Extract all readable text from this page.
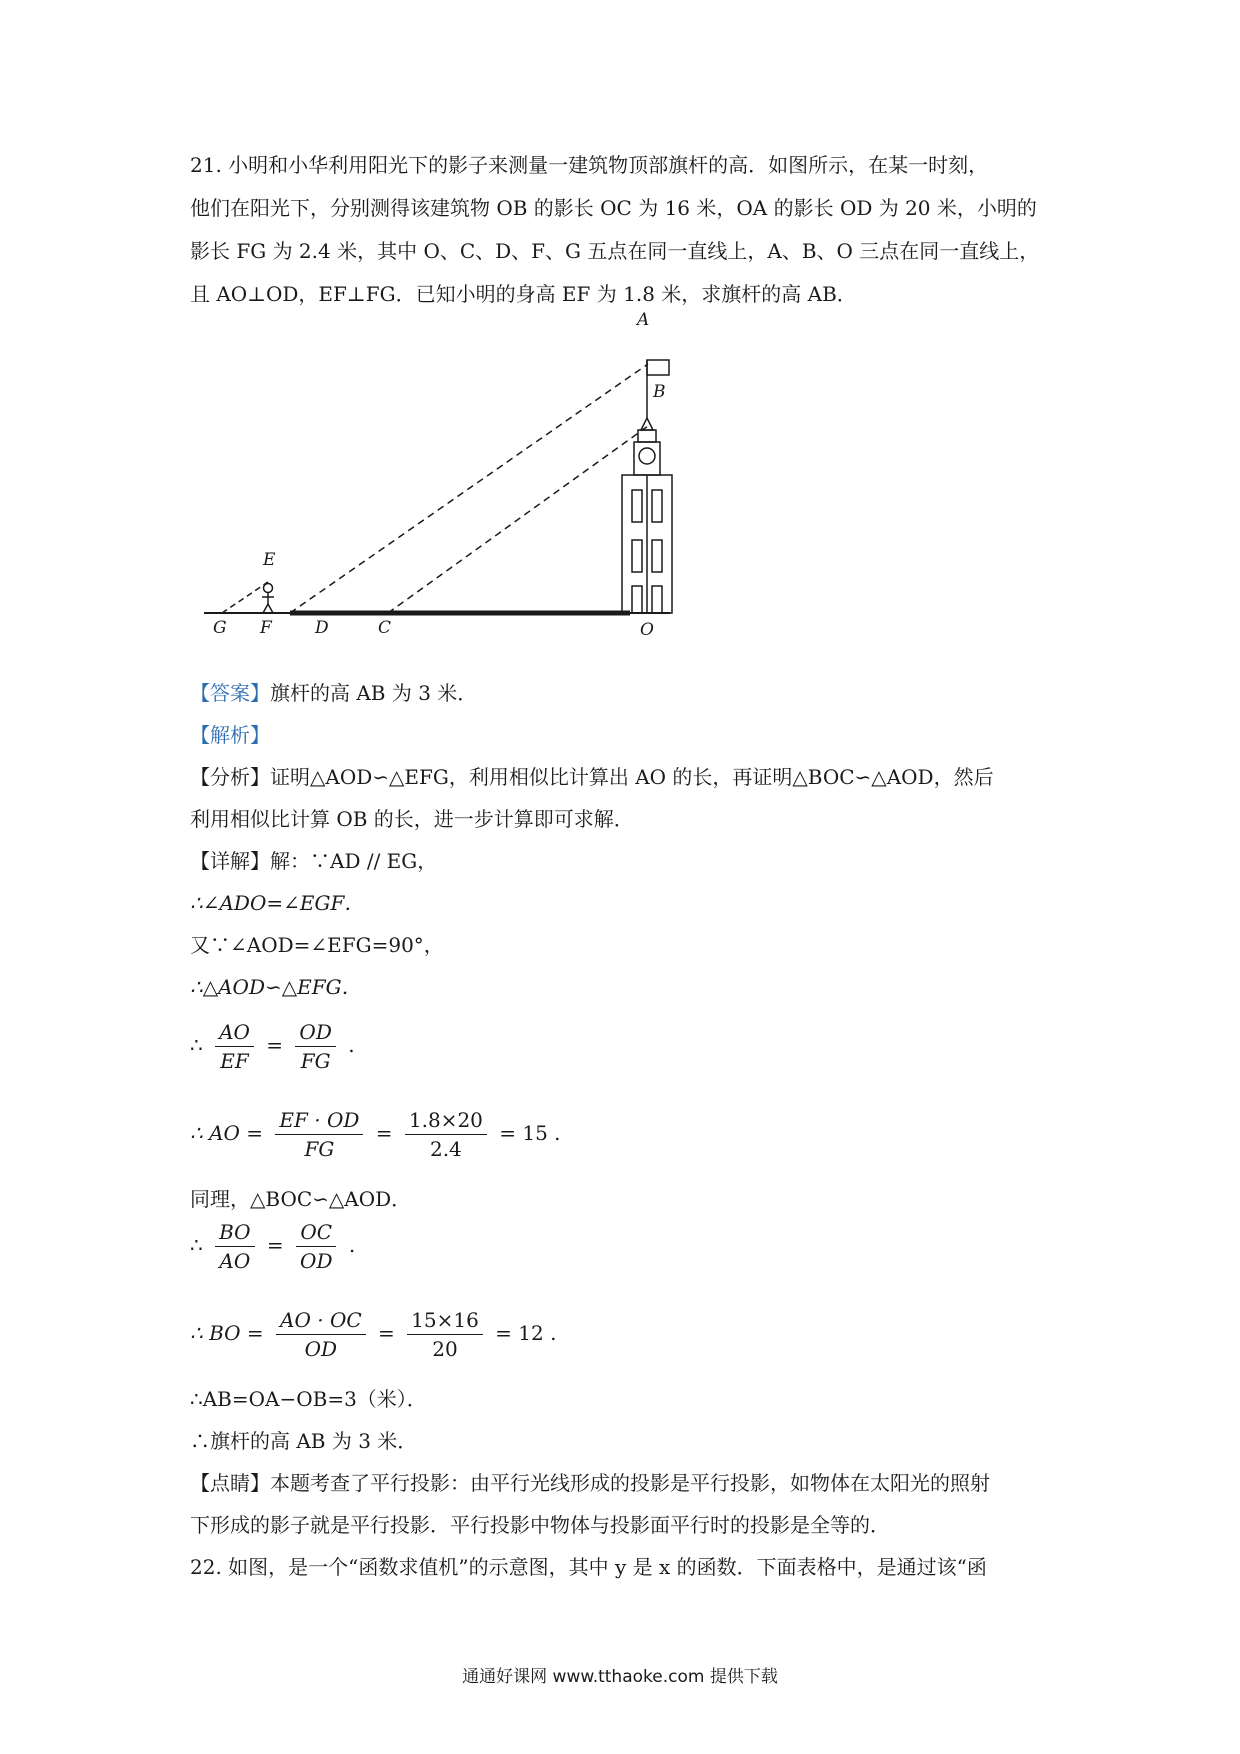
21. 小明和小华利用阳光下的影子来测量一建筑物顶部旗杆的高．如图所示，在某一时刻，
他们在阳光下，分别测得该建筑物 OB 的影长 OC 为 16 米，OA 的影长 OD 为 20 米，小明的
影长 FG 为 2.4 米，其中 O、C、D、F、G 五点在同一直线上，A、B、O 三点在同一直线上，
且 AO⊥OD，EF⊥FG．已知小明的身高 EF 为 1.8 米，求旗杆的高 AB．
A
B
E
G F	D	C	O
【答案】旗杆的高 AB 为 3 米．
【解析】
【分析】证明△AOD∽△EFG，利用相似比计算出 AO 的长，再证明△BOC∽△AOD，然后
利用相似比计算 OB 的长，进一步计算即可求解．
【详解】解：∵AD // EG，
∴∠ADO=∠EGF．
又∵∠AOD=∠EFG=90°，
∴△AOD∽△EFG．
∴ $\frac{AO}{EF} = \frac{OD}{FG}$ .
∴ AO = $\frac{EF \cdot OD}{FG} = \frac{1.8\times 20}{2.4} = 15$ .
同理，△BOC∽△AOD．
∴ $\frac{BO}{AO} = \frac{OC}{OD}$ .
∴ BO = $\frac{AO \cdot OC}{OD} = \frac{15\times 16}{20} = 12$ .
∴AB=OA−OB=3（米）．
∴旗杆的高 AB 为 3 米．
【点睛】本题考查了平行投影：由平行光线形成的投影是平行投影，如物体在太阳光的照射
下形成的影子就是平行投影．平行投影中物体与投影面平行时的投影是全等的．
22. 如图，是一个“函数求值机”的示意图，其中 y 是 x 的函数．下面表格中，是通过该“函
通通好课网 www.tthaoke.com 提供下载
